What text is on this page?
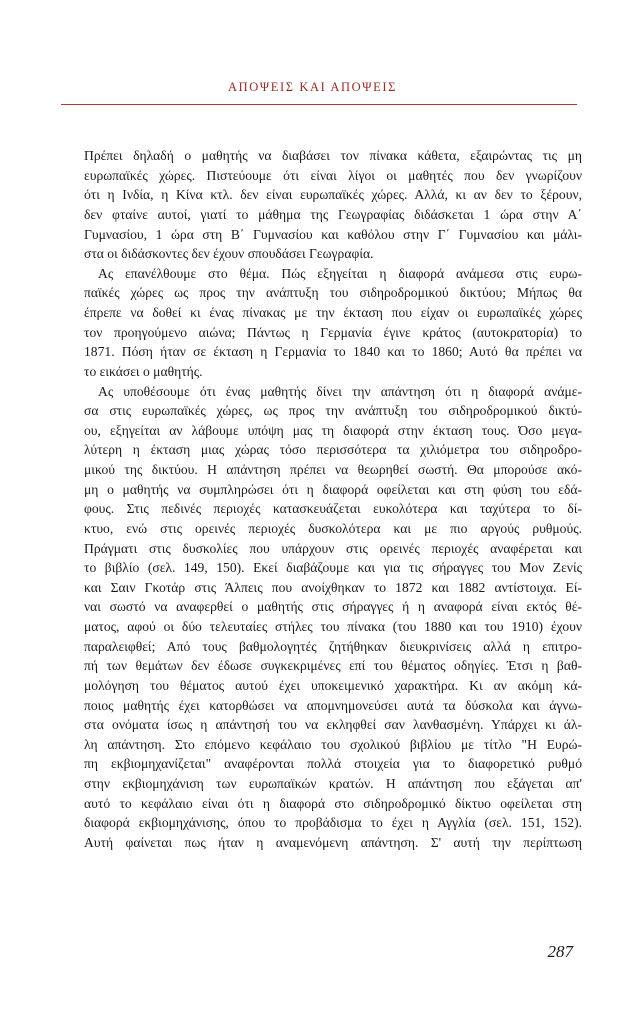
ΑΠΟΨΕΙΣ ΚΑΙ ΑΠΟΨΕΙΣ

Πρέπει δηλαδή ο μαθητής να διαβάσει τον πίνακα κάθετα, εξαιρώντας τις μη

ευρωπαϊκές χώρες. Πιστεύουμε ότι είναι λίγοι οι μαθητές που δεν γνωρίζουν

ότι η Ινδία, η Κίνα κτλ. δεν είναι ευρωπαϊκές χώρες. Αλλά, κι αν δεν το ξέρουν,

δεν φταίνε αυτοί, γιατί το μάθημα της Γεωγραφίας διδάσκεται 1 ώρα στην Α΄

Γυμνασίου, 1 ώρα στη Β΄ Γυμνασίου και καθόλου στην Γ΄ Γυμνασίου και μάλι-

στα οι διδάσκοντες δεν έχουν σπουδάσει Γεωγραφία.

Ας επανέλθουμε στο θέμα. Πώς εξηγείται η διαφορά ανάμεσα στις ευρω-

παϊκές χώρες ως προς την ανάπτυξη του σιδηροδρομικού δικτύου; Μήπως θα

έπρεπε να δοθεί κι ένας πίνακας με την έκταση που είχαν οι ευρωπαϊκές χώρες

τον προηγούμενο αιώνα; Πάντως η Γερμανία έγινε κράτος (αυτοκρατορία) το

1871. Πόση ήταν σε έκταση η Γερμανία το 1840 και το 1860; Αυτό θα πρέπει να

το εικάσει ο μαθητής.

Ας υποθέσουμε ότι ένας μαθητής δίνει την απάντηση ότι η διαφορά ανάμε-

σα στις ευρωπαϊκές χώρες, ως προς την ανάπτυξη του σιδηροδρομικού δικτύ-

ου, εξηγείται αν λάβουμε υπόψη μας τη διαφορά στην έκταση τους. Όσο μεγα-

λύτερη η έκταση μιας χώρας τόσο περισσότερα τα χιλιόμετρα του σιδηροδρο-

μικού της δικτύου. Η απάντηση πρέπει να θεωρηθεί σωστή. Θα μπορούσε ακό-

μη ο μαθητής να συμπληρώσει ότι η διαφορά οφείλεται και στη φύση του εδά-

φους. Στις πεδινές περιοχές κατασκευάζεται ευκολότερα και ταχύτερα το δί-

κτυο, ενώ στις ορεινές περιοχές δυσκολότερα και με πιο αργούς ρυθμούς.

Πράγματι στις δυσκολίες που υπάρχουν στις ορεινές περιοχές αναφέρεται και

το βιβλίο (σελ. 149, 150). Εκεί διαβάζουμε και για τις σήραγγες του Μον Ζενίς

και Σαιν Γκοτάρ στις Άλπεις που ανοίχθηκαν το 1872 και 1882 αντίστοιχα. Εί-

ναι σωστό να αναφερθεί ο μαθητής στις σήραγγες ή η αναφορά είναι εκτός θέ-

ματος, αφού οι δύο τελευταίες στήλες του πίνακα (του 1880 και του 1910) έχουν

παραλειφθεί; Από τους βαθμολογητές ζητήθηκαν διευκρινίσεις αλλά η επιτρο-

πή των θεμάτων δεν έδωσε συγκεκριμένες επί του θέματος οδηγίες. Έτσι η βαθ-

μολόγηση του θέματος αυτού έχει υποκειμενικό χαρακτήρα. Κι αν ακόμη κά-

ποιος μαθητής έχει κατορθώσει να απομνημονεύσει αυτά τα δύσκολα και άγνω-

στα ονόματα ίσως η απάντησή του να εκληφθεί σαν λανθασμένη. Υπάρχει κι άλ-

λη απάντηση. Στο επόμενο κεφάλαιο του σχολικού βιβλίου με τίτλο "Η Ευρώ-

πη εκβιομηχανίζεται" αναφέρονται πολλά στοιχεία για το διαφορετικό ρυθμό

στην εκβιομηχάνιση των ευρωπαϊκών κρατών. Η απάντηση που εξάγεται απ'

αυτό το κεφάλαιο είναι ότι η διαφορά στο σιδηροδρομικό δίκτυο οφείλεται στη

διαφορά εκβιομηχάνισης, όπου το προβάδισμα το έχει η Αγγλία (σελ. 151, 152).

Αυτή φαίνεται πως ήταν η αναμενόμενη απάντηση. Σ' αυτή την περίπτωση

287
